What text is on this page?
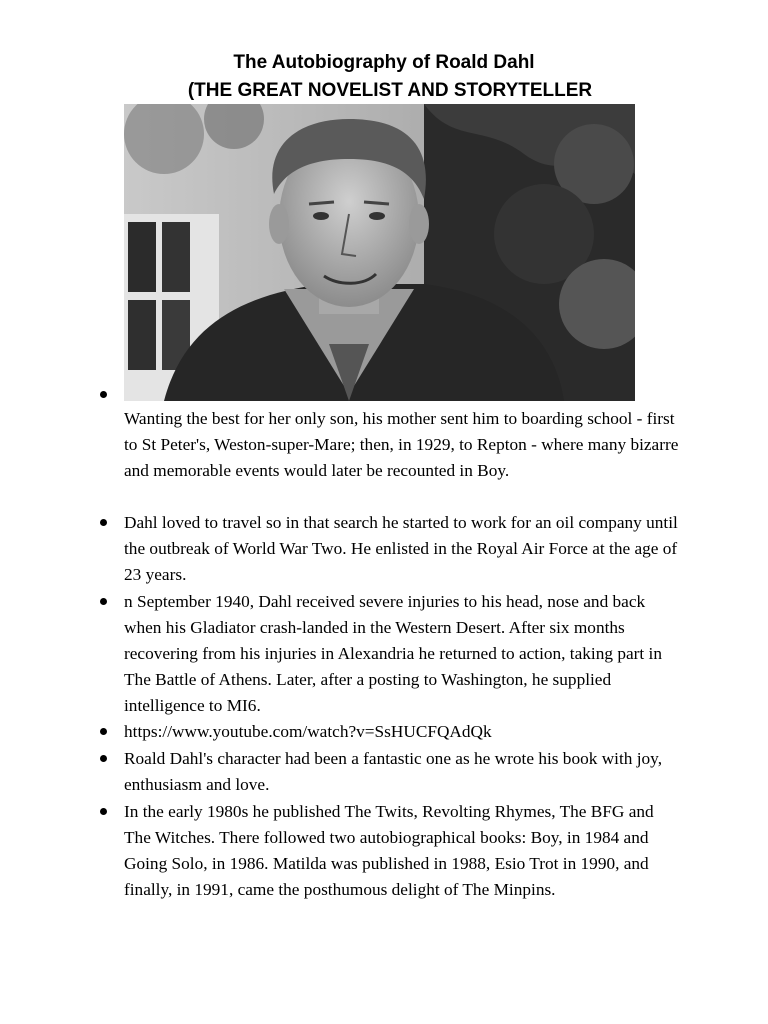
The Autobiography of Roald Dahl
(THE GREAT NOVELIST AND STORYTELLER
Wanting the best for her only son, his mother sent him to boarding school - first to St Peter's, Weston-super-Mare; then, in 1929, to Repton - where many bizarre and memorable events would later be recounted in Boy.
Dahl loved to travel so in that search he started to work for an oil company until the outbreak of World War Two. He enlisted in the Royal Air Force at the age of 23 years.
n September 1940, Dahl received severe injuries to his head, nose and back when his Gladiator crash-landed in the Western Desert. After six months recovering from his injuries in Alexandria he returned to action, taking part in The Battle of Athens. Later, after a posting to Washington, he supplied intelligence to MI6.
https://www.youtube.com/watch?v=SsHUCFQAdQk
Roald Dahl's character had been a fantastic one as he wrote his book with joy, enthusiasm and love.
In the early 1980s he published The Twits, Revolting Rhymes, The BFG and The Witches. There followed two autobiographical books: Boy, in 1984 and Going Solo, in 1986. Matilda was published in 1988, Esio Trot in 1990, and finally, in 1991, came the posthumous delight of The Minpins.
